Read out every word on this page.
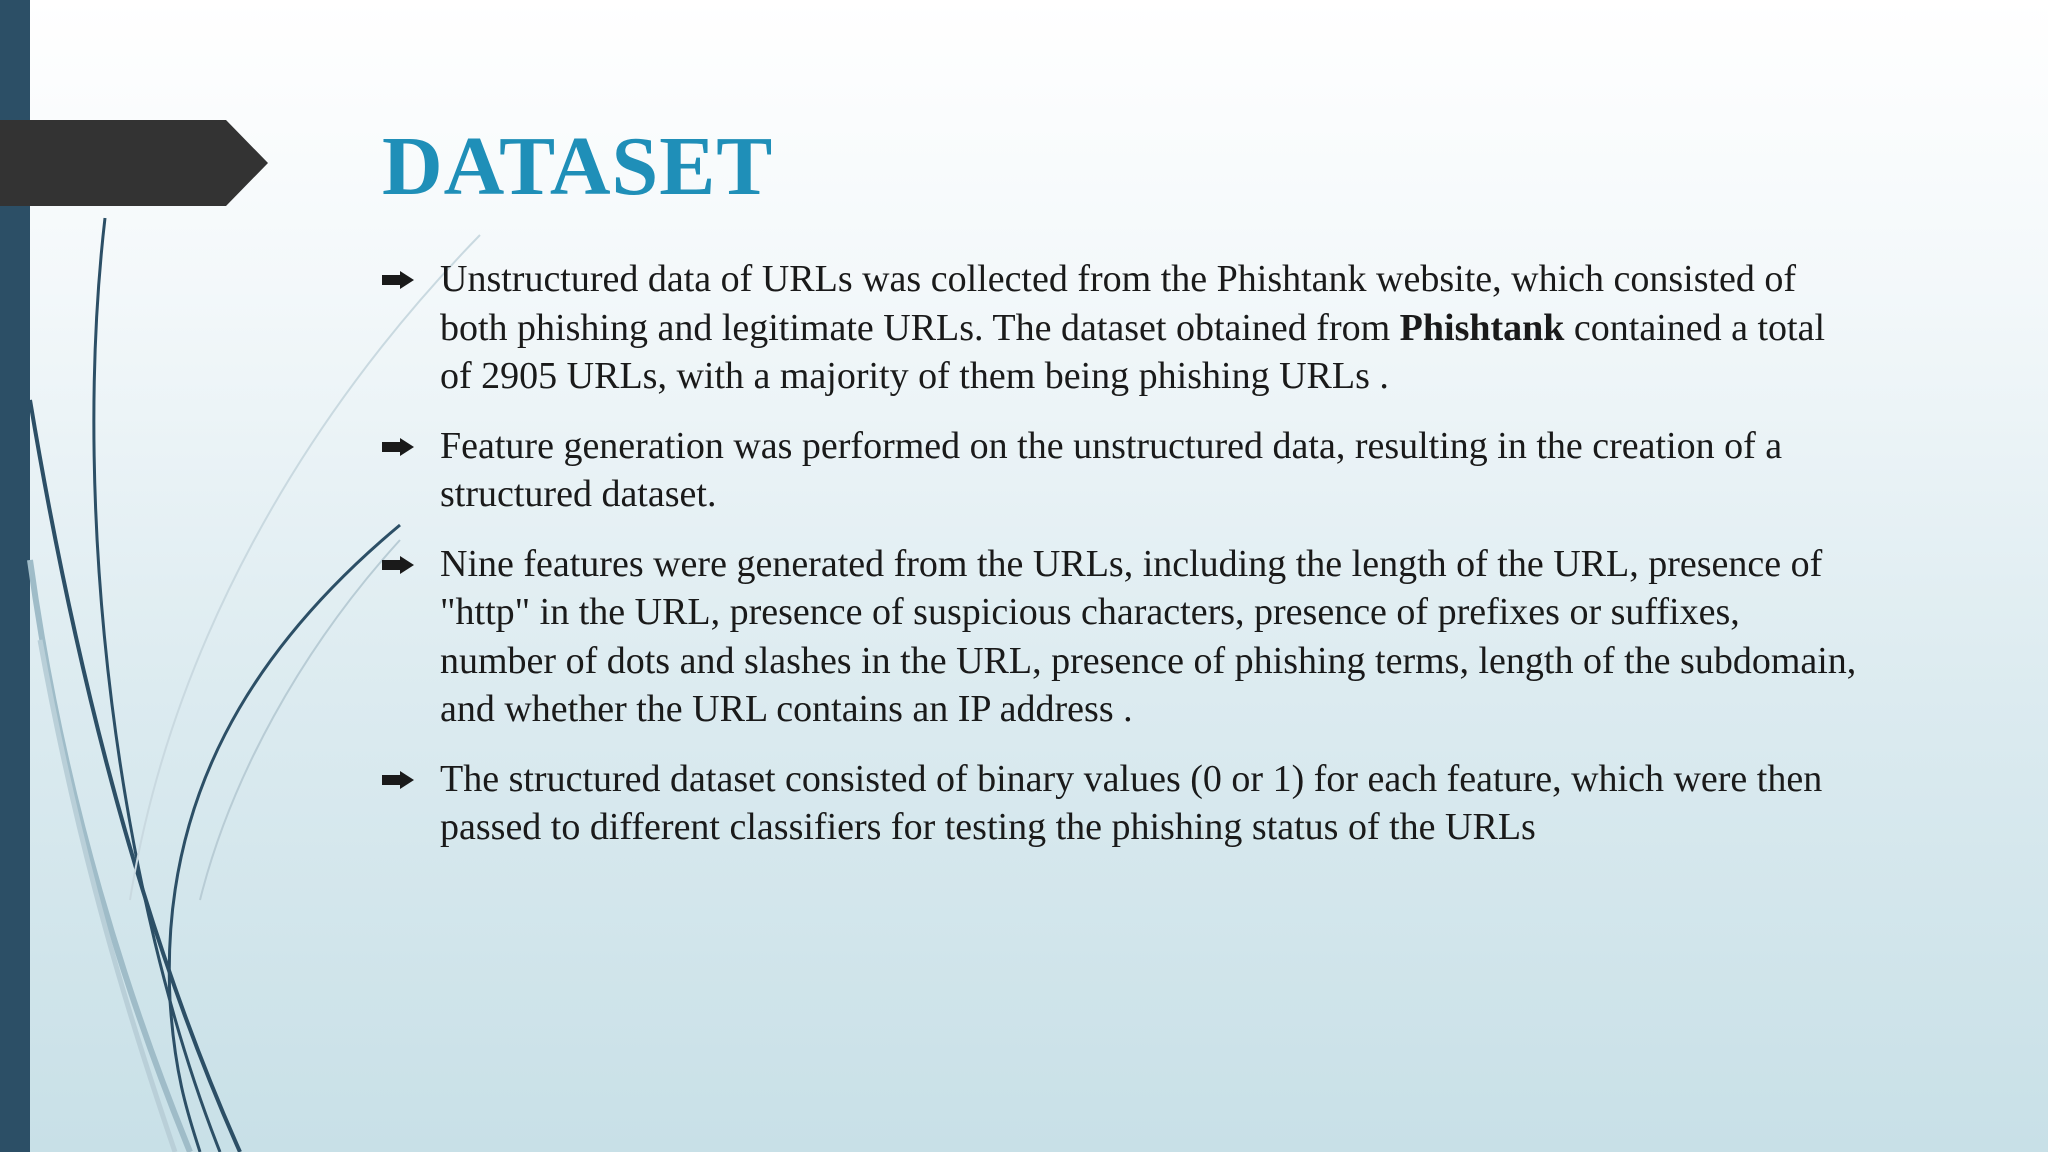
DATASET
Unstructured data of URLs was collected from the Phishtank website, which consisted of both phishing and legitimate URLs. The dataset obtained from Phishtank contained a total of 2905 URLs, with a majority of them being phishing URLs .
Feature generation was performed on the unstructured data, resulting in the creation of a structured dataset.
Nine features were generated from the URLs, including the length of the URL, presence of "http" in the URL, presence of suspicious characters, presence of prefixes or suffixes, number of dots and slashes in the URL, presence of phishing terms, length of the subdomain, and whether the URL contains an IP address .
The structured dataset consisted of binary values (0 or 1) for each feature, which were then passed to different classifiers for testing the phishing status of the URLs
